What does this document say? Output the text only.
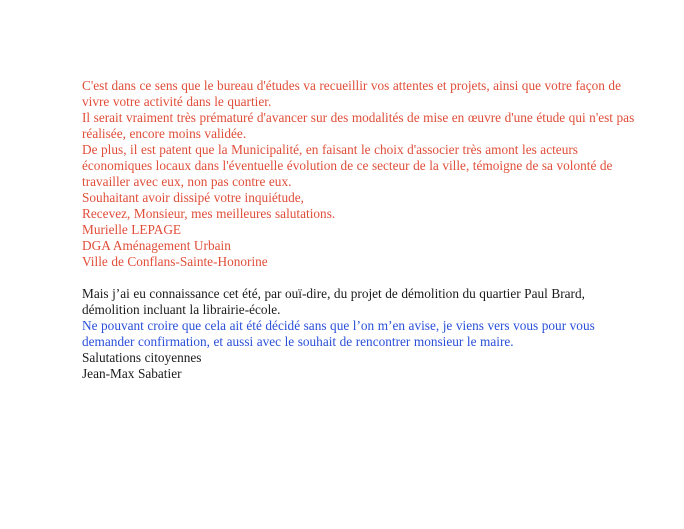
C'est dans ce sens que le bureau d'études va recueillir vos attentes et projets, ainsi que votre façon de vivre votre activité dans le quartier.
Il serait vraiment très prématuré d'avancer sur des modalités de mise en œuvre d'une étude qui n'est pas réalisée, encore moins validée.
De plus, il est patent que la Municipalité, en faisant le choix d'associer très amont les acteurs économiques locaux dans l'éventuelle évolution de ce secteur de la ville, témoigne de sa volonté de travailler avec eux, non pas contre eux.
Souhaitant avoir dissipé votre inquiétude,
Recevez, Monsieur, mes meilleures salutations.
Murielle LEPAGE
DGA Aménagement Urbain
Ville de Conflans-Sainte-Honorine

Mais j’ai eu connaissance cet été, par ouï-dire, du projet de démolition du quartier Paul Brard, démolition incluant la librairie-école.
Ne pouvant croire que cela ait été décidé sans que l’on m’en avise, je viens vers vous pour vous demander confirmation, et aussi avec le souhait de rencontrer monsieur le maire.
Salutations citoyennes
Jean-Max Sabatier
